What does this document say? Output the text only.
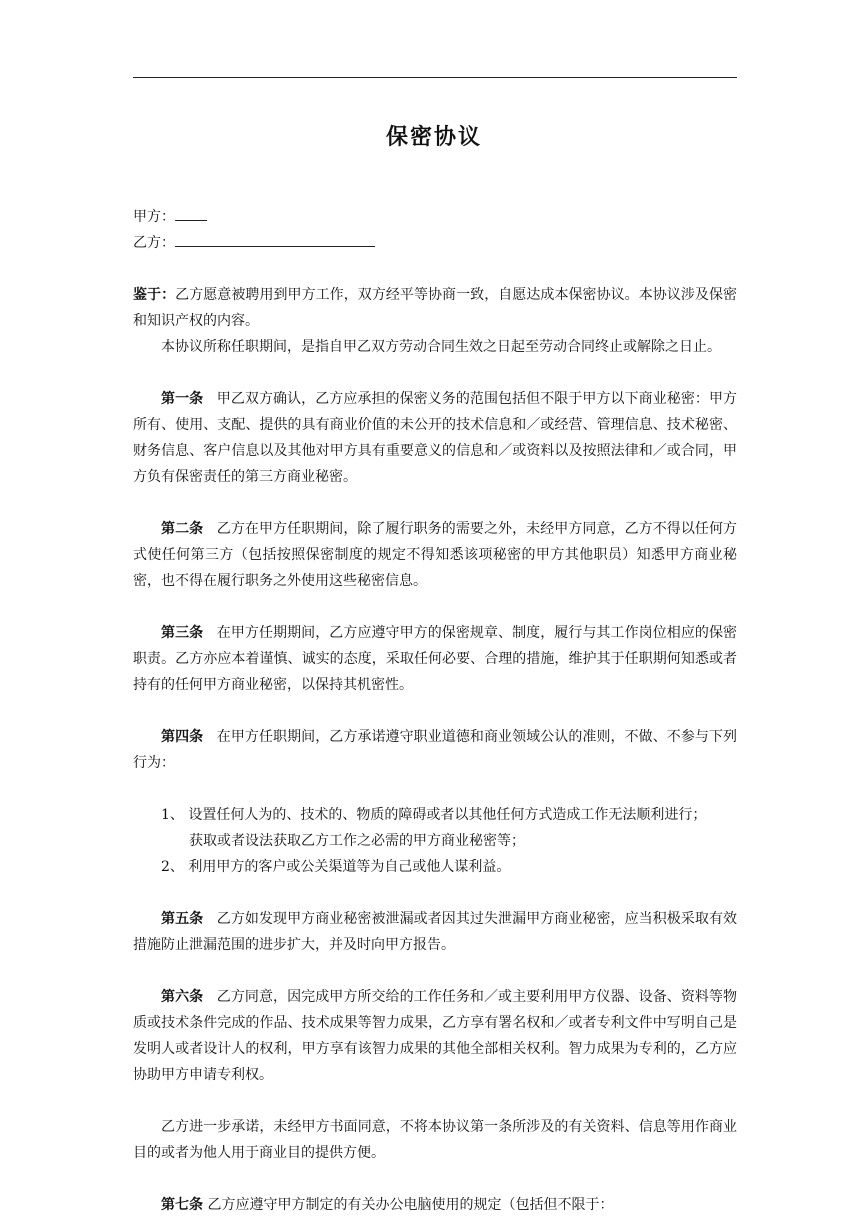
保密协议
甲方：
乙方：

鉴于：乙方愿意被聘用到甲方工作，双方经平等协商一致，自愿达成本保密协议。本协议涉及保密和知识产权的内容。

本协议所称任职期间，是指自甲乙双方劳动合同生效之日起至劳动合同终止或解除之日止。

第一条 甲乙双方确认，乙方应承担的保密义务的范围包括但不限于甲方以下商业秘密：甲方所有、使用、支配、提供的具有商业价值的未公开的技术信息和／或经营、管理信息、技术秘密、财务信息、客户信息以及其他对甲方具有重要意义的信息和／或资料以及按照法律和／或合同，甲方负有保密责任的第三方商业秘密。

第二条 乙方在甲方任职期间，除了履行职务的需要之外，未经甲方同意，乙方不得以任何方式使任何第三方（包括按照保密制度的规定不得知悉该项秘密的甲方其他职员）知悉甲方商业秘密，也不得在履行职务之外使用这些秘密信息。

第三条 在甲方任期期间，乙方应遵守甲方的保密规章、制度，履行与其工作岗位相应的保密职责。乙方亦应本着谨慎、诚实的态度，采取任何必要、合理的措施，维护其于任职期何知悉或者持有的任何甲方商业秘密，以保持其机密性。

第四条 在甲方任职期间，乙方承诺遵守职业道德和商业领域公认的准则，不做、不参与下列行为：

1、 设置任何人为的、技术的、物质的障碍或者以其他任何方式造成工作无法顺利进行；

获取或者设法获取乙方工作之必需的甲方商业秘密等；

2、 利用甲方的客户或公关渠道等为自己或他人谋利益。

第五条 乙方如发现甲方商业秘密被泄漏或者因其过失泄漏甲方商业秘密，应当积极采取有效措施防止泄漏范围的进步扩大，并及时向甲方报告。

第六条 乙方同意，因完成甲方所交给的工作任务和／或主要利用甲方仪器、设备、资料等物质或技术条件完成的作品、技术成果等智力成果，乙方享有署名权和／或者专利文件中写明自己是发明人或者设计人的权利，甲方享有该智力成果的其他全部相关权利。智力成果为专利的，乙方应协助甲方申请专利权。

乙方进一步承诺，未经甲方书面同意，不将本协议第一条所涉及的有关资料、信息等用作商业目的或者为他人用于商业目的提供方便。

第七条 乙方应遵守甲方制定的有关办公电脑使用的规定（包括但不限于：
